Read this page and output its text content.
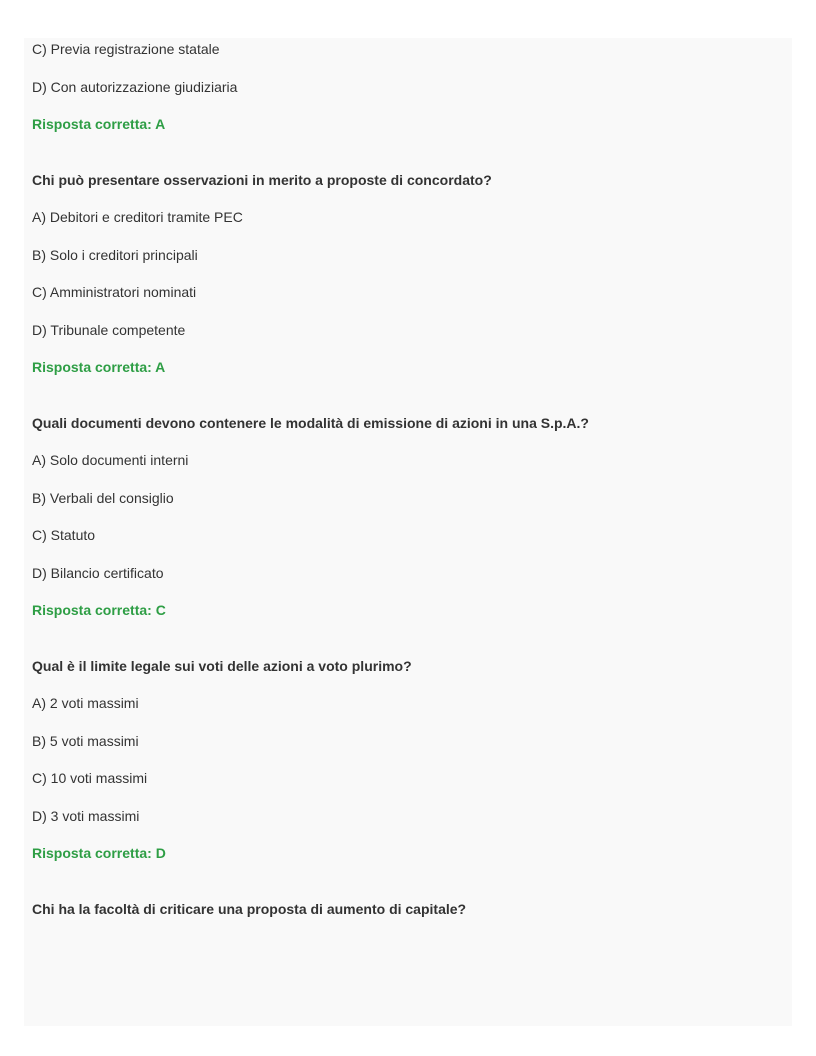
C) Previa registrazione statale
D) Con autorizzazione giudiziaria
Risposta corretta: A
Chi può presentare osservazioni in merito a proposte di concordato?
A) Debitori e creditori tramite PEC
B) Solo i creditori principali
C) Amministratori nominati
D) Tribunale competente
Risposta corretta: A
Quali documenti devono contenere le modalità di emissione di azioni in una S.p.A.?
A) Solo documenti interni
B) Verbali del consiglio
C) Statuto
D) Bilancio certificato
Risposta corretta: C
Qual è il limite legale sui voti delle azioni a voto plurimo?
A) 2 voti massimi
B) 5 voti massimi
C) 10 voti massimi
D) 3 voti massimi
Risposta corretta: D
Chi ha la facoltà di criticare una proposta di aumento di capitale?
